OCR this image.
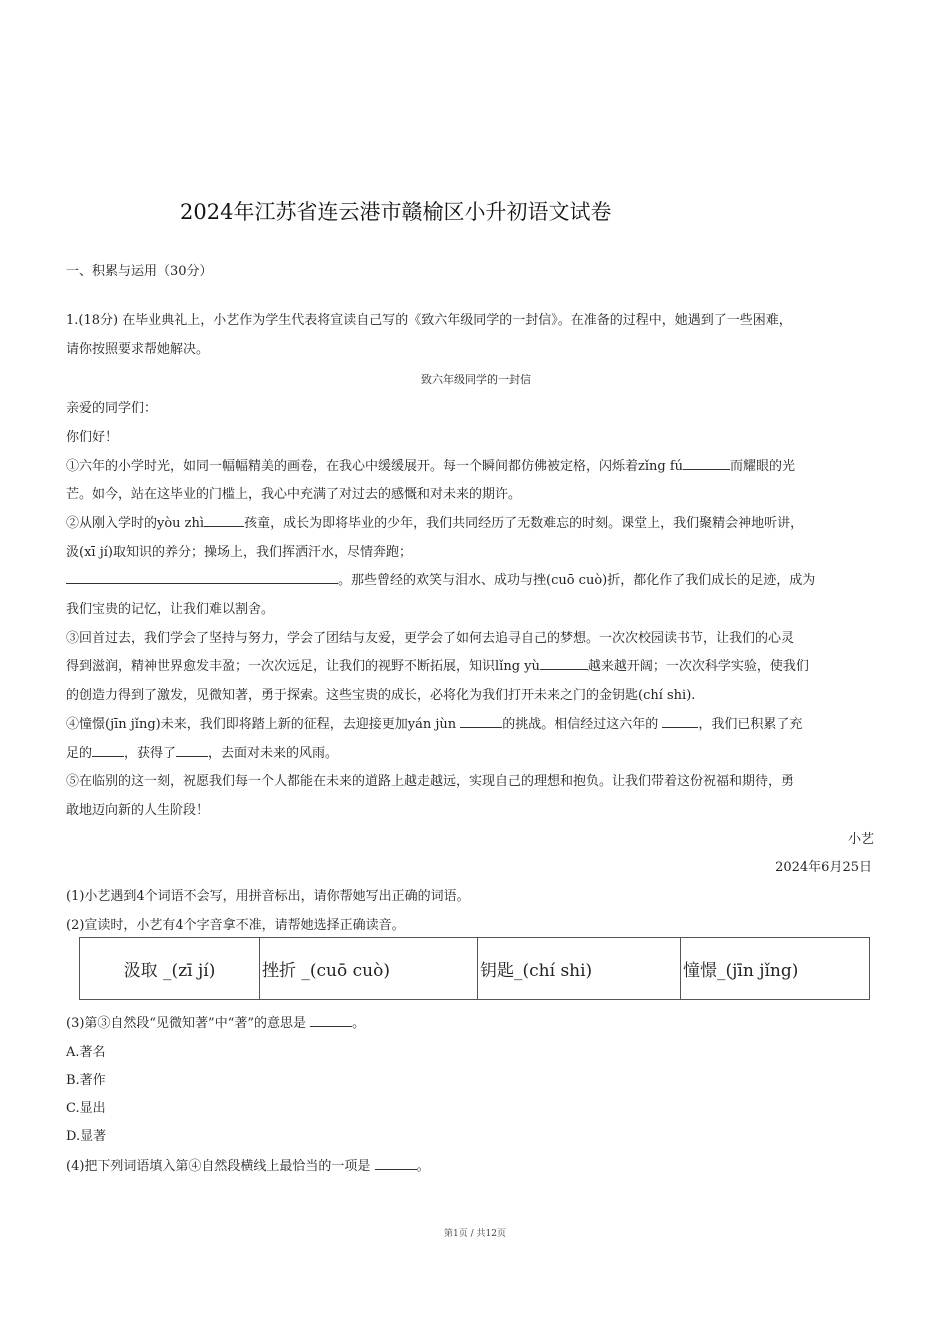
2024年江苏省连云港市赣榆区小升初语文试卷
一、积累与运用（30分）
1.(18分) 在毕业典礼上，小艺作为学生代表将宣读自己写的《致六年级同学的一封信》。在准备的过程中，她遇到了一些困难，
请你按照要求帮她解决。
致六年级同学的一封信
亲爱的同学们：
你们好！
①六年的小学时光，如同一幅幅精美的画卷，在我心中缓缓展开。每一个瞬间都仿佛被定格，闪烁着zǐng fú	而耀眼的光
芒。如今，站在这毕业的门槛上，我心中充满了对过去的感慨和对未来的期许。
②从刚入学时的yòu zhì	孩童，成长为即将毕业的少年，我们共同经历了无数难忘的时刻。课堂上，我们聚精会神地听讲，
汲(xī jí)取知识的养分；操场上，我们挥洒汗水，尽情奔跑；
。那些曾经的欢笑与泪水、成功与挫(cuō cuò)折，都化作了我们成长的足迹，成为
我们宝贵的记忆，让我们难以割舍。
③回首过去，我们学会了坚持与努力，学会了团结与友爱，更学会了如何去追寻自己的梦想。一次次校园读书节，让我们的心灵
得到滋润，精神世界愈发丰盈；一次次远足，让我们的视野不断拓展，知识lǐng yù	越来越开阔；一次次科学实验，使我们
的创造力得到了激发，见微知著，勇于探索。这些宝贵的成长，必将化为我们打开未来之门的金钥匙(chí shi).
④憧憬(jīn jǐng)未来，我们即将踏上新的征程，去迎接更加yán jùn	的挑战。相信经过这六年的	，我们已积累了充
足的 ，获得了 ，去面对未来的风雨。
⑤在临别的这一刻，祝愿我们每一个人都能在未来的道路上越走越远，实现自己的理想和抱负。让我们带着这份祝福和期待，勇
敢地迈向新的人生阶段！
小艺
2024年6月25日
(1)小艺遇到4个词语不会写，用拼音标出，请你帮她写出正确的词语。
(2)宣读时，小艺有4个字音拿不准，请帮她选择正确读音。
汲取 _(zī jí)	挫折 _(cuō cuò)	钥匙_(chí shi)	憧憬_(jīn jǐng)
(3)第③自然段“见微知著”中“著”的意思是	。
A.著名
B.著作
C.显出
D.显著
(4)把下列词语填入第④自然段横线上最恰当的一项是	。
第1页 / 共12页
